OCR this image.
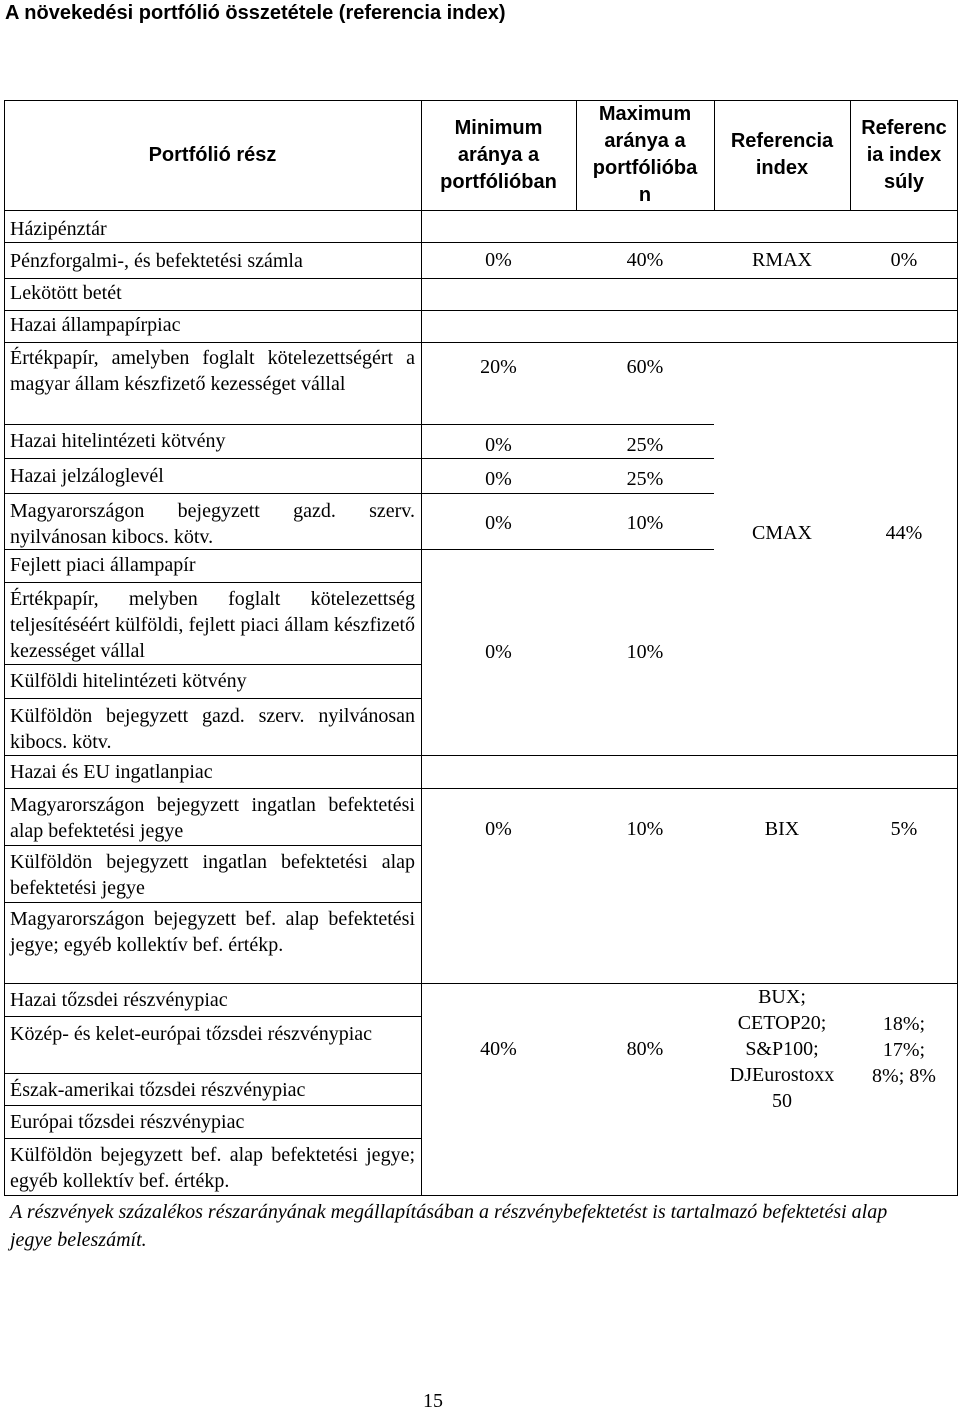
A növekedési portfólió összetétele (referencia index)
Portfólió rész
Minimum aránya a portfólióban
Maximum aránya a portfólióba n
Referencia index
Referenc ia index súly
Házipénztár
Pénzforgalmi-, és befektetési számla
Lekötött betét
Hazai állampapírpiac
Értékpapír, amelyben foglalt kötelezettségért a magyar állam készfizető kezességet vállal
Hazai hitelintézeti kötvény
Hazai jelzáloglevél
Magyarországon bejegyzett gazd. szerv. nyilvánosan kibocs. kötv.
Fejlett piaci állampapír
Értékpapír, melyben foglalt kötelezettség teljesítéséért külföldi, fejlett piaci állam készfizető kezességet vállal
Külföldi hitelintézeti kötvény
Külföldön bejegyzett gazd. szerv. nyilvánosan kibocs. kötv.
Hazai és EU ingatlanpiac
Magyarországon bejegyzett ingatlan befektetési alap befektetési jegye
Külföldön bejegyzett ingatlan befektetési alap befektetési jegye
Magyarországon bejegyzett bef. alap befektetési jegye; egyéb kollektív bef. értékp.
Hazai tőzsdei részvénypiac
Közép- és kelet-európai tőzsdei részvénypiac
Észak-amerikai tőzsdei részvénypiac
Európai tőzsdei részvénypiac
Külföldön bejegyzett bef. alap befektetési jegye; egyéb kollektív bef. értékp.
0%
20%
0%
0%
0%
0%
0%
40%
40%
60%
25%
25%
10%
10%
10%
80%
RMAX
CMAX
BIX
BUX; CETOP20; S&P100; DJEurostoxx 50
0%
44%
5%
18%; 17%; 8%; 8%
A részvények százalékos részarányának megállapításában a részvénybefektetést is tartalmazó befektetési alap jegye beleszámít.
15
